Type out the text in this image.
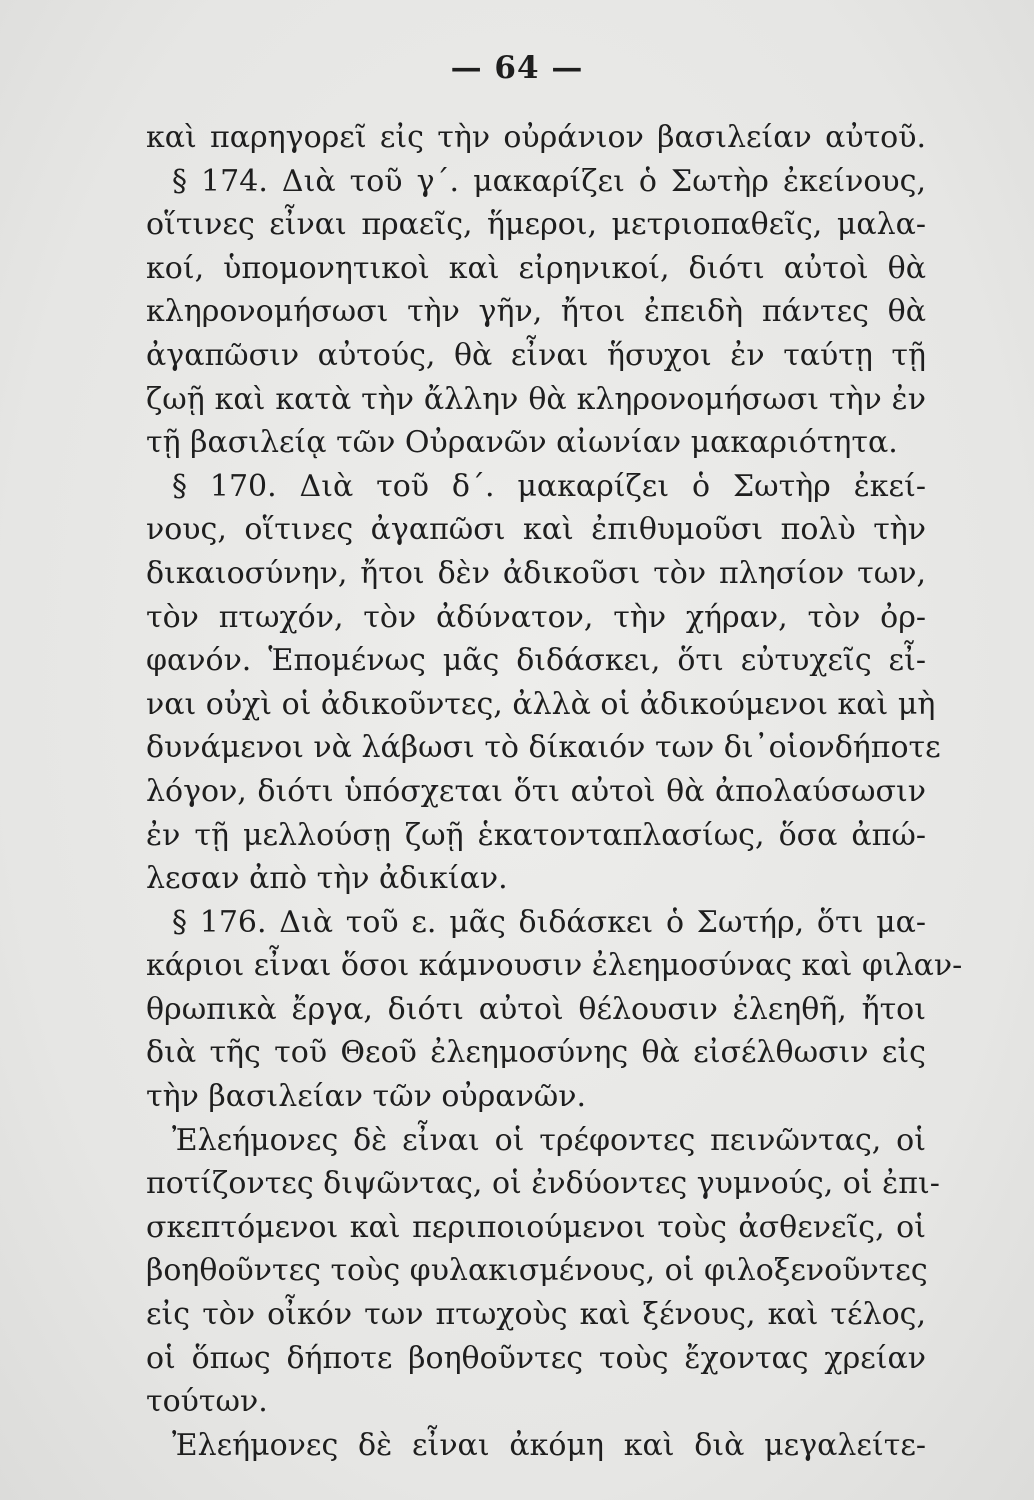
— 64 —
καὶ παρηγορεῖ εἰς τὴν οὐράνιον βασιλείαν αὐτοῦ.
§ 174. Διὰ τοῦ γ΄. μακαρίζει ὁ Σωτὴρ ἐκείνους,
οἵτινες εἶναι πραεῖς, ἥμεροι, μετριοπαθεῖς, μαλα-
κοί, ὑπομονητικοὶ καὶ εἰρηνικοί, διότι αὐτοὶ θὰ
κληρονομήσωσι τὴν γῆν, ἤτοι ἐπειδὴ πάντες θὰ
ἀγαπῶσιν αὐτούς, θὰ εἶναι ἥσυχοι ἐν ταύτῃ τῇ
ζωῇ καὶ κατὰ τὴν ἄλλην θὰ κληρονομήσωσι τὴν ἐν
τῇ βασιλείᾳ τῶν Οὐρανῶν αἰωνίαν μακαριότητα.
§ 170. Διὰ τοῦ δ΄. μακαρίζει ὁ Σωτὴρ ἐκεί-
νους, οἵτινες ἀγαπῶσι καὶ ἐπιθυμοῦσι πολὺ τὴν
δικαιοσύνην, ἤτοι δὲν ἀδικοῦσι τὸν πλησίον των,
τὸν πτωχόν, τὸν ἀδύνατον, τὴν χήραν, τὸν ὀρ-
φανόν. Ἑπομένως μᾶς διδάσκει, ὅτι εὐτυχεῖς εἶ-
ναι οὐχὶ οἱ ἀδικοῦντες, ἀλλὰ οἱ ἀδικούμενοι καὶ μὴ
δυνάμενοι νὰ λάβωσι τὸ δίκαιόν των δι᾽οἱονδήποτε
λόγον, διότι ὑπόσχεται ὅτι αὐτοὶ θὰ ἀπολαύσωσιν
ἐν τῇ μελλούσῃ ζωῇ ἑκατονταπλασίως, ὅσα ἀπώ-
λεσαν ἀπὸ τὴν ἀδικίαν.
§ 176. Διὰ τοῦ ε. μᾶς διδάσκει ὁ Σωτήρ, ὅτι μα-
κάριοι εἶναι ὅσοι κάμνουσιν ἐλεημοσύνας καὶ φιλαν-
θρωπικὰ ἔργα, διότι αὐτοὶ θέλουσιν ἐλεηθῆ, ἤτοι
διὰ τῆς τοῦ Θεοῦ ἐλεημοσύνης θὰ εἰσέλθωσιν εἰς
τὴν βασιλείαν τῶν οὐρανῶν.
Ἐλεήμονες δὲ εἶναι οἱ τρέφοντες πεινῶντας, οἱ
ποτίζοντες διψῶντας, οἱ ἐνδύοντες γυμνούς, οἱ ἐπι-
σκεπτόμενοι καὶ περιποιούμενοι τοὺς ἀσθενεῖς, οἱ
βοηθοῦντες τοὺς φυλακισμένους, οἱ φιλοξενοῦντες
εἰς τὸν οἶκόν των πτωχοὺς καὶ ξένους, καὶ τέλος,
οἱ ὅπως δήποτε βοηθοῦντες τοὺς ἔχοντας χρείαν
τούτων.
Ἐλεήμονες δὲ εἶναι ἀκόμη καὶ διὰ μεγαλείτε-
